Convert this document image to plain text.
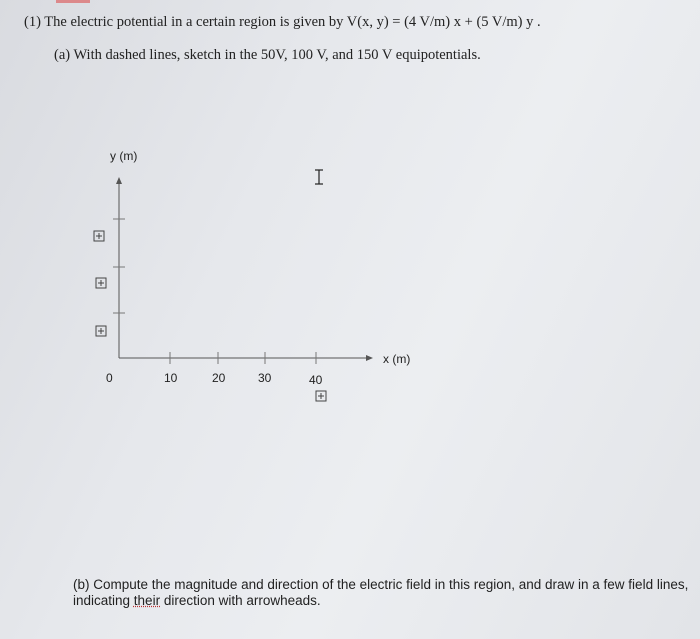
(1) The electric potential in a certain region is given by V(x, y) = (4 V/m) x + (5 V/m) y .
(a) With dashed lines, sketch in the 50V, 100 V, and 150 V equipotentials.
y (m)
x (m)
0	10	20	30	40
(b) Compute the magnitude and direction of the electric field in this region, and draw in a few field lines,
indicating their direction with arrowheads.
